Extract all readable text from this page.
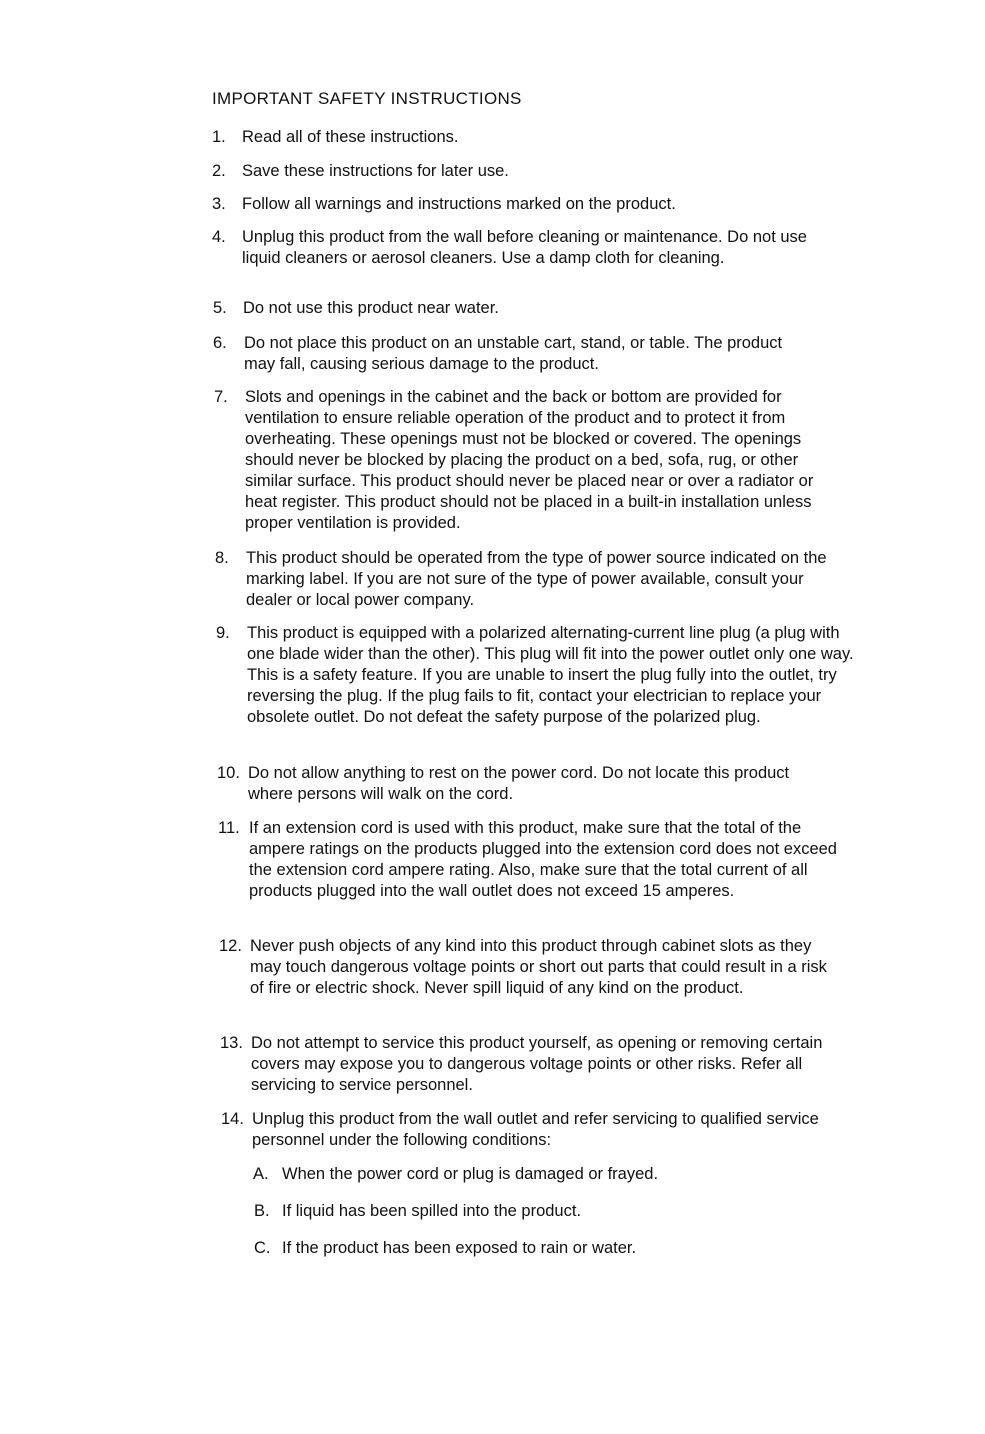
IMPORTANT SAFETY INSTRUCTIONS
1. Read all of these instructions.
2. Save these instructions for later use.
3. Follow all warnings and instructions marked on the product.
4. Unplug this product from the wall before cleaning or maintenance. Do not use liquid cleaners or aerosol cleaners. Use a damp cloth for cleaning.
5. Do not use this product near water.
6. Do not place this product on an unstable cart, stand, or table. The product may fall, causing serious damage to the product.
7. Slots and openings in the cabinet and the back or bottom are provided for ventilation to ensure reliable operation of the product and to protect it from overheating. These openings must not be blocked or covered. The openings should never be blocked by placing the product on a bed, sofa, rug, or other similar surface. This product should never be placed near or over a radiator or heat register. This product should not be placed in a built-in installation unless proper ventilation is provided.
8. This product should be operated from the type of power source indicated on the marking label. If you are not sure of the type of power available, consult your dealer or local power company.
9. This product is equipped with a polarized alternating-current line plug (a plug with one blade wider than the other). This plug will fit into the power outlet only one way. This is a safety feature. If you are unable to insert the plug fully into the outlet, try reversing the plug. If the plug fails to fit, contact your electrician to replace your obsolete outlet. Do not defeat the safety purpose of the polarized plug.
10. Do not allow anything to rest on the power cord. Do not locate this product where persons will walk on the cord.
11. If an extension cord is used with this product, make sure that the total of the ampere ratings on the products plugged into the extension cord does not exceed the extension cord ampere rating. Also, make sure that the total current of all products plugged into the wall outlet does not exceed 15 amperes.
12. Never push objects of any kind into this product through cabinet slots as they may touch dangerous voltage points or short out parts that could result in a risk of fire or electric shock. Never spill liquid of any kind on the product.
13. Do not attempt to service this product yourself, as opening or removing certain covers may expose you to dangerous voltage points or other risks. Refer all servicing to service personnel.
14. Unplug this product from the wall outlet and refer servicing to qualified service personnel under the following conditions:
A. When the power cord or plug is damaged or frayed.
B. If liquid has been spilled into the product.
C. If the product has been exposed to rain or water.
